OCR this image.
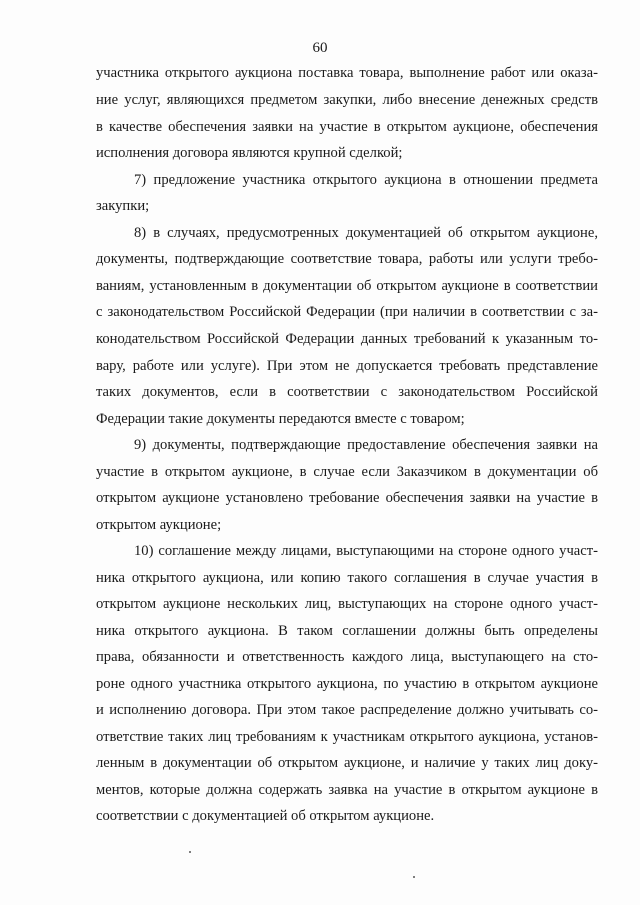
60
участника открытого аукциона поставка товара, выполнение работ или оказа-
ние услуг, являющихся предметом закупки, либо внесение денежных средств
в качестве обеспечения заявки на участие в открытом аукционе, обеспечения
исполнения договора являются крупной сделкой;
7) предложение участника открытого аукциона в отношении предмета
закупки;
8) в случаях, предусмотренных документацией об открытом аукционе,
документы, подтверждающие соответствие товара, работы или услуги требо-
ваниям, установленным в документации об открытом аукционе в соответствии
с законодательством Российской Федерации (при наличии в соответствии с за-
конодательством Российской Федерации данных требований к указанным то-
вару, работе или услуге). При этом не допускается требовать представление
таких документов, если в соответствии с законодательством Российской
Федерации такие документы передаются вместе с товаром;
9) документы, подтверждающие предоставление обеспечения заявки на
участие в открытом аукционе, в случае если Заказчиком в документации об
открытом аукционе установлено требование обеспечения заявки на участие в
открытом аукционе;
10) соглашение между лицами, выступающими на стороне одного участ-
ника открытого аукциона, или копию такого соглашения в случае участия в
открытом аукционе нескольких лиц, выступающих на стороне одного участ-
ника открытого аукциона. В таком соглашении должны быть определены
права, обязанности и ответственность каждого лица, выступающего на сто-
роне одного участника открытого аукциона, по участию в открытом аукционе
и исполнению договора. При этом такое распределение должно учитывать со-
ответствие таких лиц требованиям к участникам открытого аукциона, установ-
ленным в документации об открытом аукционе, и наличие у таких лиц доку-
ментов, которые должна содержать заявка на участие в открытом аукционе в
соответствии с документацией об открытом аукционе.
